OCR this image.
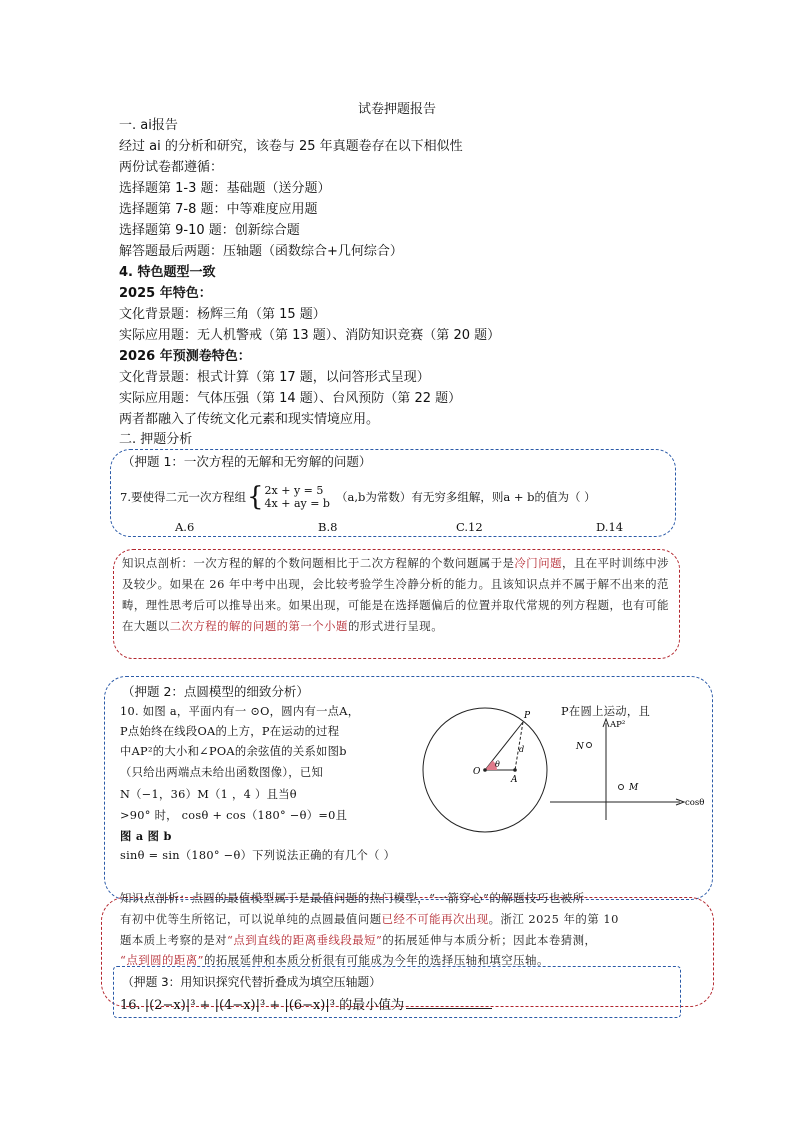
试卷押题报告
一. ai报告
经过 ai 的分析和研究，该卷与 25 年真题卷存在以下相似性
两份试卷都遵循：
选择题第 1-3 题：基础题（送分题）
选择题第 7-8 题：中等难度应用题
选择题第 9-10 题：创新综合题
解答题最后两题：压轴题（函数综合+几何综合）
4. 特色题型一致
2025 年特色：
文化背景题：杨辉三角（第 15 题）
实际应用题：无人机警戒（第 13 题）、消防知识竞赛（第 20 题）
2026 年预测卷特色：
文化背景题：根式计算（第 17 题，以问答形式呈现）
实际应用题：气体压强（第 14 题）、台风预防（第 22 题）
两者都融入了传统文化元素和现实情境应用。
二. 押题分析
（押题 1：一次方程的无解和无穷解的问题）
7.要使得二元一次方程组 { 2x + y = 5
4x + ay = b （a,b为常数）有无穷多组解，则a + b的值为（ ）
A.6	B.8	C.12	D.14
知识点剖析：一次方程的解的个数问题相比于二次方程解的个数问题属于是冷门问题，且在平时训练中涉及较少。如果在 26 年中考中出现，会比较考验学生冷静分析的能力。且该知识点并不属于解不出来的范畴，理性思考后可以推导出来。如果出现，可能是在选择题偏后的位置并取代常规的列方程题，也有可能在大题以二次方程的解的问题的第一个小题的形式进行呈现。
（押题 2：点圆模型的细致分析）
10. 如图 a，平面内有一 ⊙O，圆内有一点A，
P点始终在线段OA的上方，P在运动的过程
中AP²的大小和∠POA的余弦值的关系如图b
（只给出两端点未给出函数图像），已知
N（−1，36）M（1 ，4 ）且当θ
>90° 时， cosθ + cos（180° −θ）=0且
图 a 图 b
sinθ = sin（180° −θ）下列说法正确的有几个（ ）
P在圆上运动，且
O
A
P
d
θ
AP²
cosθ
N
M
知识点剖析：点圆的最值模型属于是最值问题的热门模型，“一箭穿心”的解题技巧也被所
有初中优等生所铭记，可以说单纯的点圆最值问题已经不可能再次出现。浙江 2025 年的第 10
题本质上考察的是对“点到直线的距离垂线段最短”的拓展延伸与本质分析；因此本卷猜测，
“点到圆的距离”的拓展延伸和本质分析很有可能成为今年的选择压轴和填空压轴。
（押题 3：用知识探究代替折叠成为填空压轴题）
16. |(2−x)|³ + |(4−x)|³ + |(6−x)|³ 的最小值为
